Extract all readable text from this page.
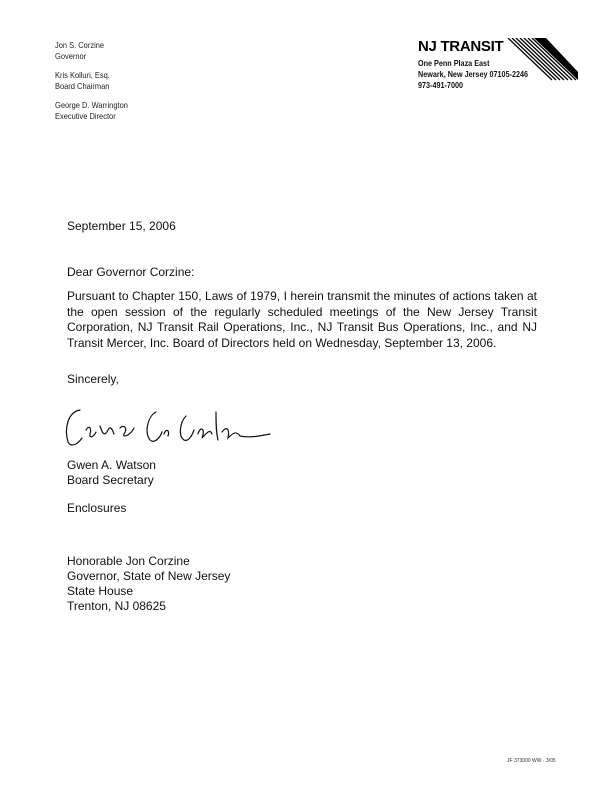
Jon S. Corzine
Governor
Kris Kolluri, Esq.
Board Chairman
George D. Warrington
Executive Director
NJ TRANSIT
One Penn Plaza East
Newark, New Jersey 07105-2246
973-491-7000
September 15, 2006
Dear Governor Corzine:
Pursuant to Chapter 150, Laws of 1979, I herein transmit the minutes of actions taken at the open session of the regularly scheduled meetings of the New Jersey Transit Corporation, NJ Transit Rail Operations, Inc., NJ Transit Bus Operations, Inc., and NJ Transit Mercer, Inc. Board of Directors held on Wednesday, September 13, 2006.
Sincerely,
Gwen A. Watson
Gwen A. Watson
Board Secretary
Enclosures
Honorable Jon Corzine
Governor, State of New Jersey
State House
Trenton, NJ 08625
JF 373000 WW · 3/05
